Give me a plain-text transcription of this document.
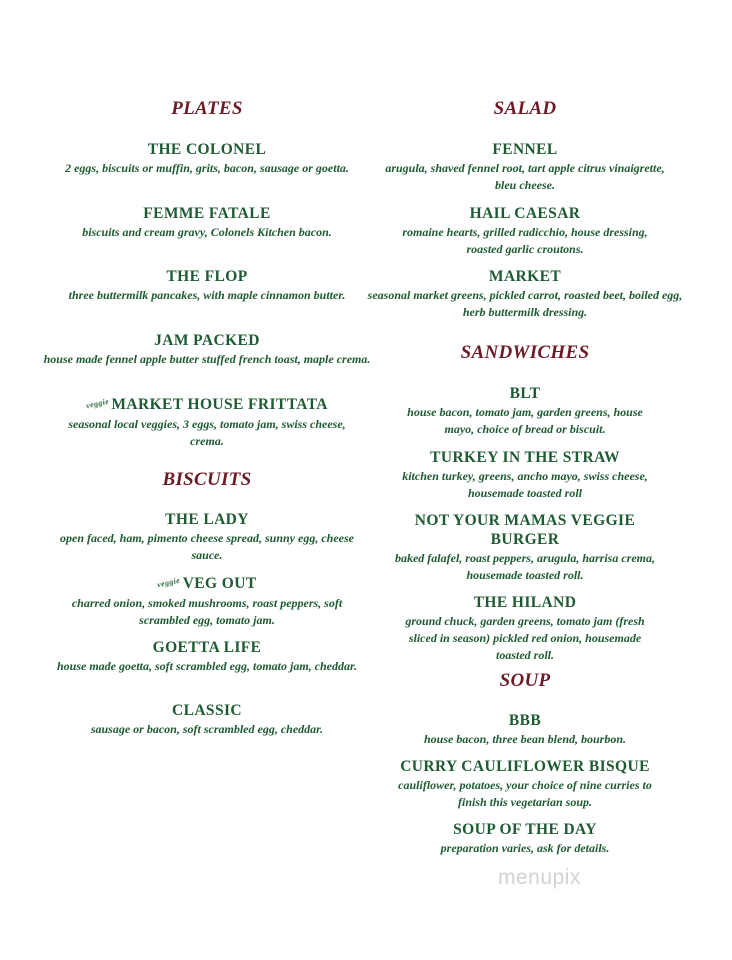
PLATES
THE COLONEL
2 eggs, biscuits or muffin, grits, bacon, sausage or goetta.
FEMME FATALE
biscuits and cream gravy, Colonels Kitchen bacon.
THE FLOP
three buttermilk pancakes, with maple cinnamon butter.
JAM PACKED
house made fennel apple butter stuffed french toast, maple crema.
veggieMARKET HOUSE FRITTATA
seasonal local veggies, 3 eggs, tomato jam, swiss cheese, crema.
BISCUITS
THE LADY
open faced, ham, pimento cheese spread, sunny egg, cheese sauce.
veggieVEG OUT
charred onion, smoked mushrooms, roast peppers, soft scrambled egg, tomato jam.
GOETTA LIFE
house made goetta, soft scrambled egg, tomato jam, cheddar.
CLASSIC
sausage or bacon, soft scrambled egg, cheddar.
SALAD
FENNEL
arugula, shaved fennel root, tart apple citrus vinaigrette, bleu cheese.
HAIL CAESAR
romaine hearts, grilled radicchio, house dressing, roasted garlic croutons.
MARKET
seasonal market greens, pickled carrot, roasted beet, boiled egg, herb buttermilk dressing.
SANDWICHES
BLT
house bacon, tomato jam, garden greens, house mayo, choice of bread or biscuit.
TURKEY IN THE STRAW
kitchen turkey, greens, ancho mayo, swiss cheese, housemade toasted roll
NOT YOUR MAMAS VEGGIE BURGER
baked falafel, roast peppers, arugula, harrisa crema, housemade toasted roll.
THE HILAND
ground chuck, garden greens, tomato jam (fresh sliced in season) pickled red onion, housemade toasted roll.
SOUP
BBB
house bacon, three bean blend, bourbon.
CURRY CAULIFLOWER BISQUE
cauliflower, potatoes, your choice of nine curries to finish this vegetarian soup.
SOUP OF THE DAY
preparation varies, ask for details.
menupix
